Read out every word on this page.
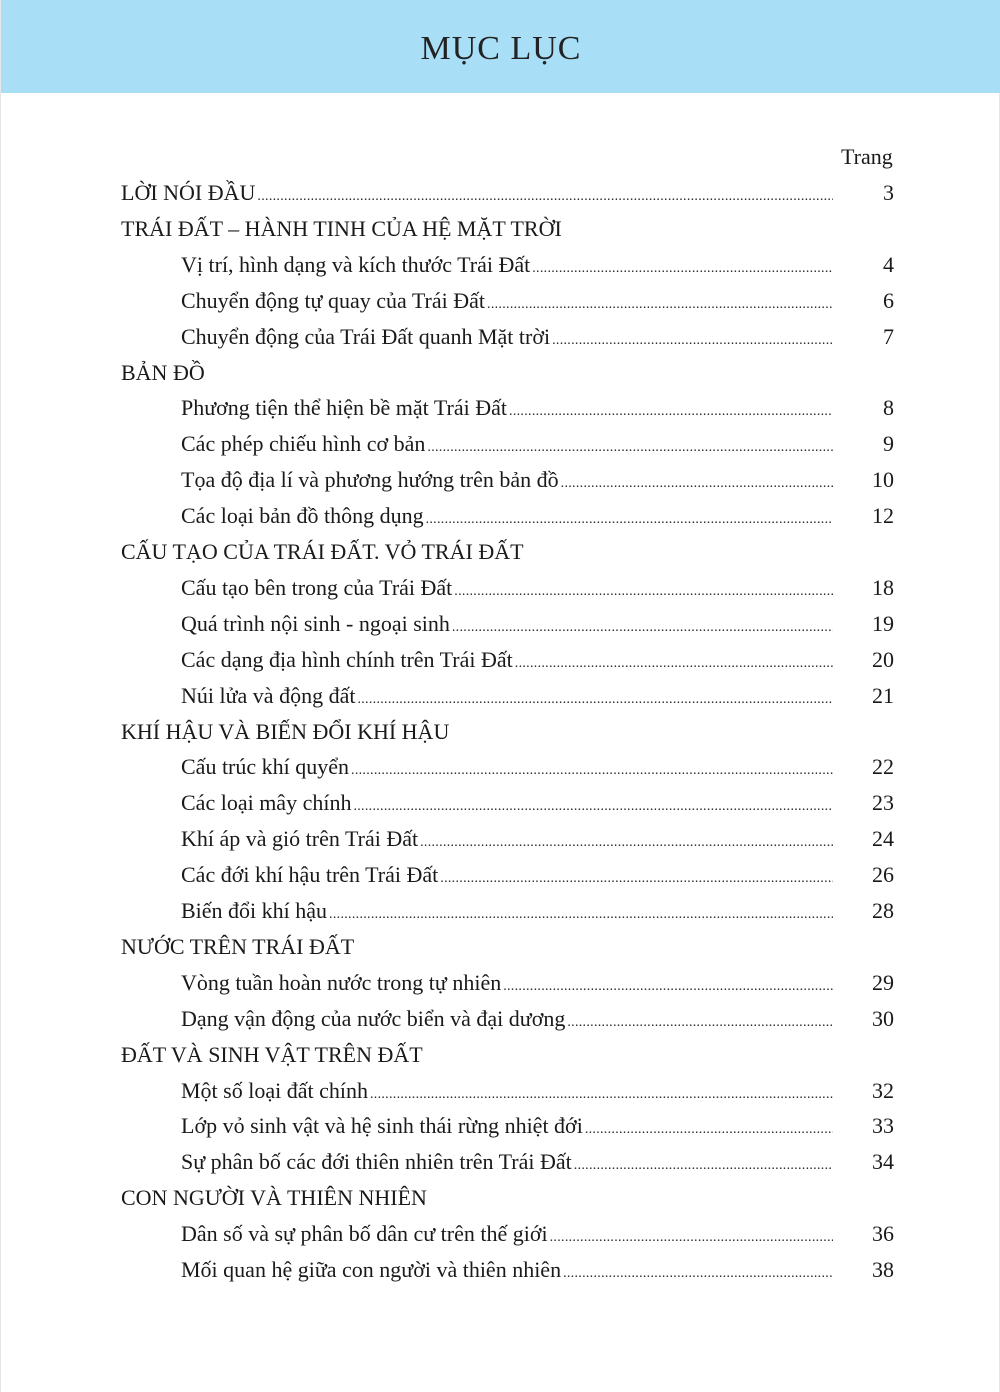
MỤC LỤC
Trang
LỜI NÓI ĐẦU .....	3
TRÁI ĐẤT – HÀNH TINH CỦA HỆ MẶT TRỜI
Vị trí, hình dạng và kích thước Trái Đất .....	4
Chuyển động tự quay của Trái Đất .....	6
Chuyển động của Trái Đất quanh Mặt trời .....	7
BẢN ĐỒ
Phương tiện thể hiện bề mặt Trái Đất .....	8
Các phép chiếu hình cơ bản .....	9
Tọa độ địa lí và phương hướng trên bản đồ .....	10
Các loại bản đồ thông dụng .....	12
CẤU TẠO CỦA TRÁI ĐẤT. VỎ TRÁI ĐẤT
Cấu tạo bên trong của Trái Đất .....	18
Quá trình nội sinh - ngoại sinh .....	19
Các dạng địa hình chính trên Trái Đất .....	20
Núi lửa và động đất .....	21
KHÍ HẬU VÀ BIẾN ĐỔI KHÍ HẬU
Cấu trúc khí quyển .....	22
Các loại mây chính .....	23
Khí áp và gió trên Trái Đất .....	24
Các đới khí hậu trên Trái Đất .....	26
Biến đổi khí hậu .....	28
NƯỚC TRÊN TRÁI ĐẤT
Vòng tuần hoàn nước trong tự nhiên .....	29
Dạng vận động của nước biển và đại dương .....	30
ĐẤT VÀ SINH VẬT TRÊN ĐẤT
Một số loại đất chính .....	32
Lớp vỏ sinh vật và hệ sinh thái rừng nhiệt đới .....	33
Sự phân bố các đới thiên nhiên trên Trái Đất .....	34
CON NGƯỜI VÀ THIÊN NHIÊN
Dân số và sự phân bố dân cư trên thế giới .....	36
Mối quan hệ giữa con người và thiên nhiên .....	38
